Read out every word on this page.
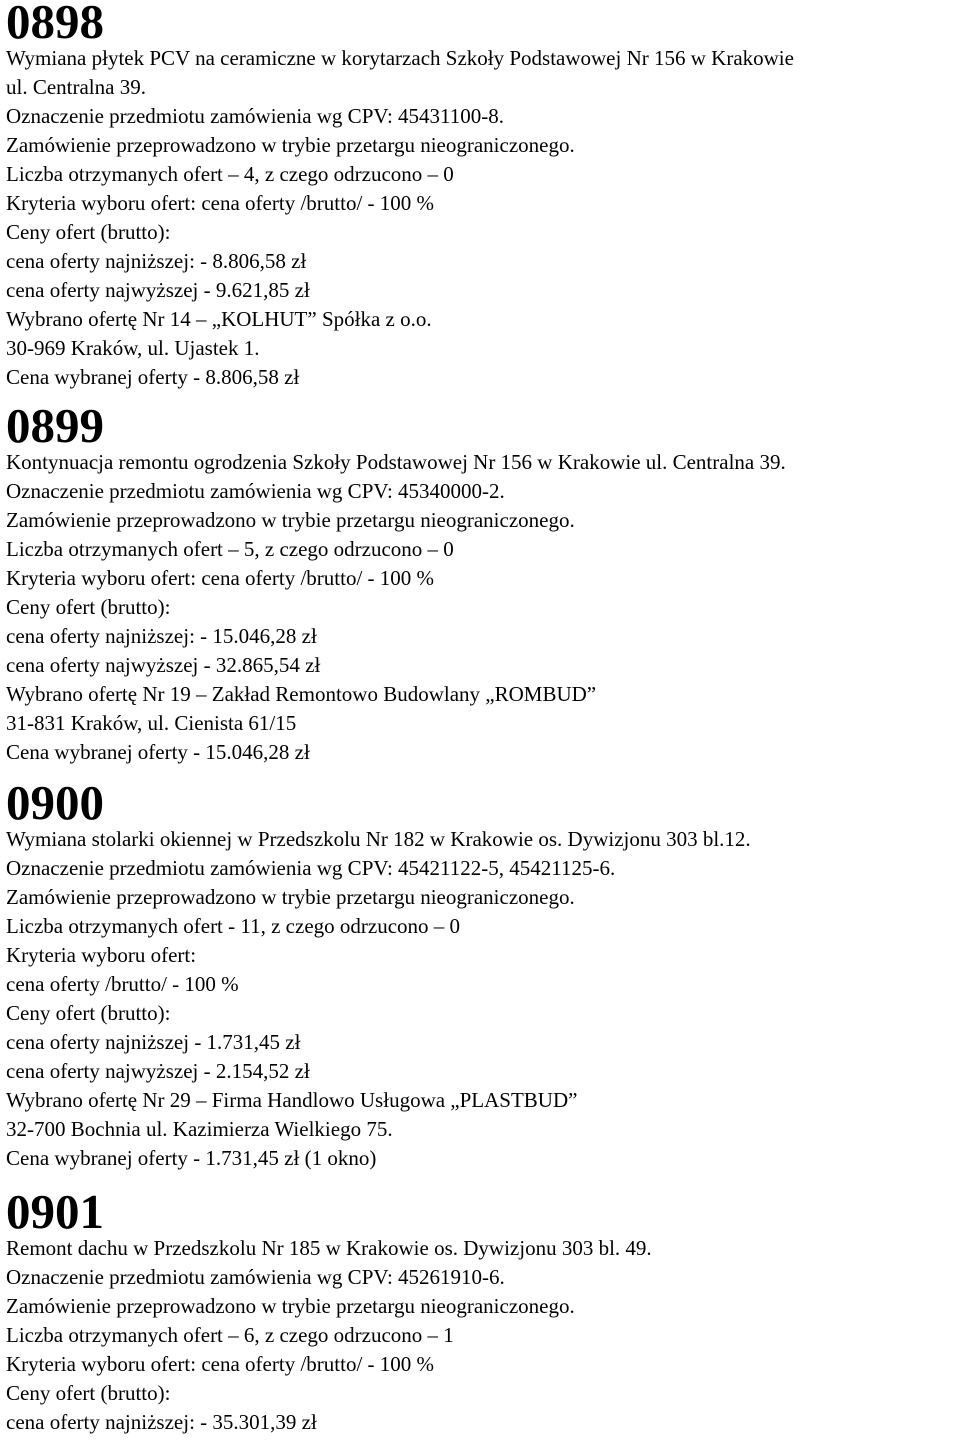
0898
Wymiana płytek PCV na ceramiczne w korytarzach Szkoły Podstawowej Nr 156 w Krakowie
ul. Centralna 39.
Oznaczenie przedmiotu zamówienia wg CPV: 45431100-8.
Zamówienie przeprowadzono w trybie przetargu nieograniczonego.
Liczba otrzymanych ofert – 4, z czego odrzucono – 0
Kryteria wyboru ofert: cena oferty /brutto/ - 100 %
Ceny ofert (brutto):
cena oferty najniższej: - 8.806,58 zł
cena oferty najwyższej - 9.621,85 zł
Wybrano ofertę Nr 14 – „KOLHUT” Spółka z o.o.
30-969 Kraków, ul. Ujastek 1.
Cena wybranej oferty - 8.806,58 zł
0899
Kontynuacja remontu ogrodzenia Szkoły Podstawowej Nr 156 w Krakowie ul. Centralna 39.
Oznaczenie przedmiotu zamówienia wg CPV: 45340000-2.
Zamówienie przeprowadzono w trybie przetargu nieograniczonego.
Liczba otrzymanych ofert – 5, z czego odrzucono – 0
Kryteria wyboru ofert: cena oferty /brutto/ - 100 %
Ceny ofert (brutto):
cena oferty najniższej: - 15.046,28 zł
cena oferty najwyższej - 32.865,54 zł
Wybrano ofertę Nr 19 – Zakład Remontowo Budowlany „ROMBUD”
31-831 Kraków, ul. Cienista 61/15
Cena wybranej oferty - 15.046,28 zł
0900
Wymiana stolarki okiennej w Przedszkolu Nr 182 w Krakowie os. Dywizjonu 303 bl.12.
Oznaczenie przedmiotu zamówienia wg CPV: 45421122-5, 45421125-6.
Zamówienie przeprowadzono w trybie przetargu nieograniczonego.
Liczba otrzymanych ofert - 11, z czego odrzucono – 0
Kryteria wyboru ofert:
cena oferty /brutto/ - 100 %
Ceny ofert (brutto):
cena oferty najniższej - 1.731,45 zł
cena oferty najwyższej - 2.154,52 zł
Wybrano ofertę Nr 29 – Firma Handlowo Usługowa „PLASTBUD”
32-700 Bochnia ul. Kazimierza Wielkiego 75.
Cena wybranej oferty - 1.731,45 zł (1 okno)
0901
Remont dachu w Przedszkolu Nr 185 w Krakowie os. Dywizjonu 303 bl. 49.
Oznaczenie przedmiotu zamówienia wg CPV: 45261910-6.
Zamówienie przeprowadzono w trybie przetargu nieograniczonego.
Liczba otrzymanych ofert – 6, z czego odrzucono – 1
Kryteria wyboru ofert: cena oferty /brutto/ - 100 %
Ceny ofert (brutto):
cena oferty najniższej: - 35.301,39 zł
